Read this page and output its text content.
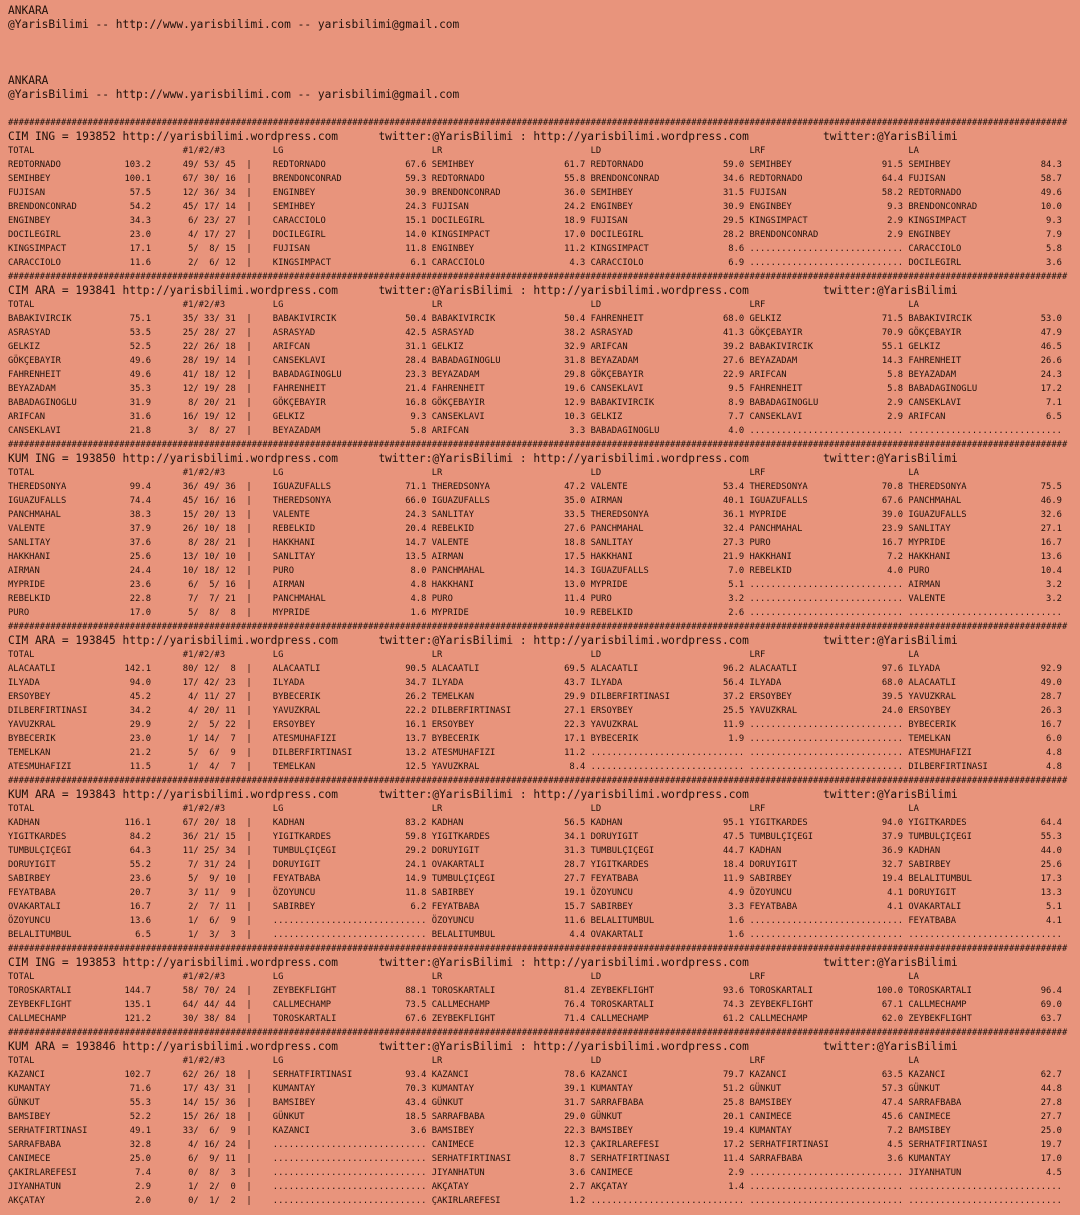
ANKARA
@YarisBilimi -- http://www.yarisbilimi.com -- yarisbilimi@gmail.com
ANKARA
@YarisBilimi -- http://www.yarisbilimi.com -- yarisbilimi@gmail.com
########################################################################################################################################################################################################
CIM ING = 193852 http://yarisbilimi.wordpress.com      twitter:@YarisBilimi : http://yarisbilimi.wordpress.com           twitter:@YarisBilimi
TOTAL                            #1/#2/#3         LG                            LR                            LD                            LRF                           LA
REDTORNADO            103.2      49/ 53/ 45  |    REDTORNADO               67.6 SEMIHBEY                 61.7 REDTORNADO               59.0 SEMIHBEY                 91.5 SEMIHBEY                 84.3
SEMIHBEY              100.1      67/ 30/ 16  |    BRENDONCONRAD            59.3 REDTORNADO               55.8 BRENDONCONRAD            34.6 REDTORNADO               64.4 FUJISAN                  58.7
FUJISAN                57.5      12/ 36/ 34  |    ENGINBEY                 30.9 BRENDONCONRAD            36.0 SEMIHBEY                 31.5 FUJISAN                  58.2 REDTORNADO               49.6
BRENDONCONRAD          54.2      45/ 17/ 14  |    SEMIHBEY                 24.3 FUJISAN                  24.2 ENGINBEY                 30.9 ENGINBEY                  9.3 BRENDONCONRAD            10.0
ENGINBEY               34.3       6/ 23/ 27  |    CARACCIOLO               15.1 DOCILEGIRL               18.9 FUJISAN                  29.5 KINGSIMPACT               2.9 KINGSIMPACT               9.3
DOCILEGIRL             23.0       4/ 17/ 27  |    DOCILEGIRL               14.0 KINGSIMPACT              17.0 DOCILEGIRL               28.2 BRENDONCONRAD             2.9 ENGINBEY                  7.9
KINGSIMPACT            17.1       5/  8/ 15  |    FUJISAN                  11.8 ENGINBEY                 11.2 KINGSIMPACT               8.6 ............................. CARACCIOLO                5.8
CARACCIOLO             11.6       2/  6/ 12  |    KINGSIMPACT               6.1 CARACCIOLO                4.3 CARACCIOLO                6.9 ............................. DOCILEGIRL                3.6
########################################################################################################################################################################################################
CIM ARA = 193841 http://yarisbilimi.wordpress.com      twitter:@YarisBilimi : http://yarisbilimi.wordpress.com           twitter:@YarisBilimi
TOTAL                            #1/#2/#3         LG                            LR                            LD                            LRF                           LA
BABAKIVIRCIK           75.1      35/ 33/ 31  |    BABAKIVIRCIK             50.4 BABAKIVIRCIK             50.4 FAHRENHEIT               68.0 GELKIZ                   71.5 BABAKIVIRCIK             53.0
ASRASYAD               53.5      25/ 28/ 27  |    ASRASYAD                 42.5 ASRASYAD                 38.2 ASRASYAD                 41.3 GÖKÇEBAYIR               70.9 GÖKÇEBAYIR               47.9
GELKIZ                 52.5      22/ 26/ 18  |    ARIFCAN                  31.1 GELKIZ                   32.9 ARIFCAN                  39.2 BABAKIVIRCIK             55.1 GELKIZ                   46.5
GÖKÇEBAYIR             49.6      28/ 19/ 14  |    CANSEKLAVI               28.4 BABADAGINOGLU            31.8 BEYAZADAM                27.6 BEYAZADAM                14.3 FAHRENHEIT               26.6
FAHRENHEIT             49.6      41/ 18/ 12  |    BABADAGINOGLU            23.3 BEYAZADAM                29.8 GÖKÇEBAYIR               22.9 ARIFCAN                   5.8 BEYAZADAM                24.3
BEYAZADAM              35.3      12/ 19/ 28  |    FAHRENHEIT               21.4 FAHRENHEIT               19.6 CANSEKLAVI                9.5 FAHRENHEIT                5.8 BABADAGINOGLU            17.2
BABADAGINOGLU          31.9       8/ 20/ 21  |    GÖKÇEBAYIR               16.8 GÖKÇEBAYIR               12.9 BABAKIVIRCIK              8.9 BABADAGINOGLU             2.9 CANSEKLAVI                7.1
ARIFCAN                31.6      16/ 19/ 12  |    GELKIZ                    9.3 CANSEKLAVI               10.3 GELKIZ                    7.7 CANSEKLAVI                2.9 ARIFCAN                   6.5
CANSEKLAVI             21.8       3/  8/ 27  |    BEYAZADAM                 5.8 ARIFCAN                   3.3 BABADAGINOGLU             4.0 ............................. .............................
########################################################################################################################################################################################################
KUM ING = 193850 http://yarisbilimi.wordpress.com      twitter:@YarisBilimi : http://yarisbilimi.wordpress.com           twitter:@YarisBilimi
TOTAL                            #1/#2/#3         LG                            LR                            LD                            LRF                           LA
THEREDSONYA            99.4      36/ 49/ 36  |    IGUAZUFALLS              71.1 THEREDSONYA              47.2 VALENTE                  53.4 THEREDSONYA              70.8 THEREDSONYA              75.5
IGUAZUFALLS            74.4      45/ 16/ 16  |    THEREDSONYA              66.0 IGUAZUFALLS              35.0 AIRMAN                   40.1 IGUAZUFALLS              67.6 PANCHMAHAL               46.9
PANCHMAHAL             38.3      15/ 20/ 13  |    VALENTE                  24.3 SANLITAY                 33.5 THEREDSONYA              36.1 MYPRIDE                  39.0 IGUAZUFALLS              32.6
VALENTE                37.9      26/ 10/ 18  |    REBELKID                 20.4 REBELKID                 27.6 PANCHMAHAL               32.4 PANCHMAHAL               23.9 SANLITAY                 27.1
SANLITAY               37.6       8/ 28/ 21  |    HAKKHANI                 14.7 VALENTE                  18.8 SANLITAY                 27.3 PURO                     16.7 MYPRIDE                  16.7
HAKKHANI               25.6      13/ 10/ 10  |    SANLITAY                 13.5 AIRMAN                   17.5 HAKKHANI                 21.9 HAKKHANI                  7.2 HAKKHANI                 13.6
AIRMAN                 24.4      10/ 18/ 12  |    PURO                      8.0 PANCHMAHAL               14.3 IGUAZUFALLS               7.0 REBELKID                  4.0 PURO                     10.4
MYPRIDE                23.6       6/  5/ 16  |    AIRMAN                    4.8 HAKKHANI                 13.0 MYPRIDE                   5.1 ............................. AIRMAN                    3.2
REBELKID               22.8       7/  7/ 21  |    PANCHMAHAL                4.8 PURO                     11.4 PURO                      3.2 ............................. VALENTE                   3.2
PURO                   17.0       5/  8/  8  |    MYPRIDE                   1.6 MYPRIDE                  10.9 REBELKID                  2.6 ............................. .............................
########################################################################################################################################################################################################
CIM ARA = 193845 http://yarisbilimi.wordpress.com      twitter:@YarisBilimi : http://yarisbilimi.wordpress.com           twitter:@YarisBilimi
TOTAL                            #1/#2/#3         LG                            LR                            LD                            LRF                           LA
ALACAATLI             142.1      80/ 12/  8  |    ALACAATLI                90.5 ALACAATLI                69.5 ALACAATLI                96.2 ALACAATLI                97.6 ILYADA                   92.9
ILYADA                 94.0      17/ 42/ 23  |    ILYADA                   34.7 ILYADA                   43.7 ILYADA                   56.4 ILYADA                   68.0 ALACAATLI                49.0
ERSOYBEY               45.2       4/ 11/ 27  |    BYBECERIK                26.2 TEMELKAN                 29.9 DILBERFIRTINASI          37.2 ERSOYBEY                 39.5 YAVUZKRAL                28.7
DILBERFIRTINASI        34.2       4/ 20/ 11  |    YAVUZKRAL                22.2 DILBERFIRTINASI          27.1 ERSOYBEY                 25.5 YAVUZKRAL                24.0 ERSOYBEY                 26.3
YAVUZKRAL              29.9       2/  5/ 22  |    ERSOYBEY                 16.1 ERSOYBEY                 22.3 YAVUZKRAL                11.9 ............................. BYBECERIK                16.7
BYBECERIK              23.0       1/ 14/  7  |    ATESMUHAFIZI             13.7 BYBECERIK                17.1 BYBECERIK                 1.9 ............................. TEMELKAN                  6.0
TEMELKAN               21.2       5/  6/  9  |    DILBERFIRTINASI          13.2 ATESMUHAFIZI             11.2 ............................. ............................. ATESMUHAFIZI              4.8
ATESMUHAFIZI           11.5       1/  4/  7  |    TEMELKAN                 12.5 YAVUZKRAL                 8.4 ............................. ............................. DILBERFIRTINASI           4.8
########################################################################################################################################################################################################
KUM ARA = 193843 http://yarisbilimi.wordpress.com      twitter:@YarisBilimi : http://yarisbilimi.wordpress.com           twitter:@YarisBilimi
TOTAL                            #1/#2/#3         LG                            LR                            LD                            LRF                           LA
KADHAN                116.1      67/ 20/ 18  |    KADHAN                   83.2 KADHAN                   56.5 KADHAN                   95.1 YIGITKARDES              94.0 YIGITKARDES              64.4
YIGITKARDES            84.2      36/ 21/ 15  |    YIGITKARDES              59.8 YIGITKARDES              34.1 DORUYIGIT                47.5 TUMBULÇIÇEGI             37.9 TUMBULÇIÇEGI             55.3
TUMBULÇIÇEGI           64.3      11/ 25/ 34  |    TUMBULÇIÇEGI             29.2 DORUYIGIT                31.3 TUMBULÇIÇEGI             44.7 KADHAN                   36.9 KADHAN                   44.0
DORUYIGIT              55.2       7/ 31/ 24  |    DORUYIGIT                24.1 OVAKARTALI               28.7 YIGITKARDES              18.4 DORUYIGIT                32.7 SABIRBEY                 25.6
SABIRBEY               23.6       5/  9/ 10  |    FEYATBABA                14.9 TUMBULÇIÇEGI             27.7 FEYATBABA                11.9 SABIRBEY                 19.4 BELALITUMBUL             17.3
FEYATBABA              20.7       3/ 11/  9  |    ÖZOYUNCU                 11.8 SABIRBEY                 19.1 ÖZOYUNCU                  4.9 ÖZOYUNCU                  4.1 DORUYIGIT                13.3
OVAKARTALI             16.7       2/  7/ 11  |    SABIRBEY                  6.2 FEYATBABA                15.7 SABIRBEY                  3.3 FEYATBABA                 4.1 OVAKARTALI                5.1
ÖZOYUNCU               13.6       1/  6/  9  |    ............................. ÖZOYUNCU                 11.6 BELALITUMBUL              1.6 ............................. FEYATBABA                 4.1
BELALITUMBUL            6.5       1/  3/  3  |    ............................. BELALITUMBUL              4.4 OVAKARTALI                1.6 ............................. .............................
########################################################################################################################################################################################################
CIM ING = 193853 http://yarisbilimi.wordpress.com      twitter:@YarisBilimi : http://yarisbilimi.wordpress.com           twitter:@YarisBilimi
TOTAL                            #1/#2/#3         LG                            LR                            LD                            LRF                           LA
TOROSKARTALI          144.7      58/ 70/ 24  |    ZEYBEKFLIGHT             88.1 TOROSKARTALI             81.4 ZEYBEKFLIGHT             93.6 TOROSKARTALI            100.0 TOROSKARTALI             96.4
ZEYBEKFLIGHT          135.1      64/ 44/ 44  |    CALLMECHAMP              73.5 CALLMECHAMP              76.4 TOROSKARTALI             74.3 ZEYBEKFLIGHT             67.1 CALLMECHAMP              69.0
CALLMECHAMP           121.2      30/ 38/ 84  |    TOROSKARTALI             67.6 ZEYBEKFLIGHT             71.4 CALLMECHAMP              61.2 CALLMECHAMP              62.0 ZEYBEKFLIGHT             63.7
########################################################################################################################################################################################################
KUM ARA = 193846 http://yarisbilimi.wordpress.com      twitter:@YarisBilimi : http://yarisbilimi.wordpress.com           twitter:@YarisBilimi
TOTAL                            #1/#2/#3         LG                            LR                            LD                            LRF                           LA
KAZANCI               102.7      62/ 26/ 18  |    SERHATFIRTINASI          93.4 KAZANCI                  78.6 KAZANCI                  79.7 KAZANCI                  63.5 KAZANCI                  62.7
KUMANTAY               71.6      17/ 43/ 31  |    KUMANTAY                 70.3 KUMANTAY                 39.1 KUMANTAY                 51.2 GÜNKUT                   57.3 GÜNKUT                   44.8
GÜNKUT                 55.3      14/ 15/ 36  |    BAMSIBEY                 43.4 GÜNKUT                   31.7 SARRAFBABA               25.8 BAMSIBEY                 47.4 SARRAFBABA               27.8
BAMSIBEY               52.2      15/ 26/ 18  |    GÜNKUT                   18.5 SARRAFBABA               29.0 GÜNKUT                   20.1 CANIMECE                 45.6 CANIMECE                 27.7
SERHATFIRTINASI        49.1      33/  6/  9  |    KAZANCI                   3.6 BAMSIBEY                 22.3 BAMSIBEY                 19.4 KUMANTAY                  7.2 BAMSIBEY                 25.0
SARRAFBABA             32.8       4/ 16/ 24  |    ............................. CANIMECE                 12.3 ÇAKIRLAREFESI            17.2 SERHATFIRTINASI           4.5 SERHATFIRTINASI          19.7
CANIMECE               25.0       6/  9/ 11  |    ............................. SERHATFIRTINASI           8.7 SERHATFIRTINASI          11.4 SARRAFBABA                3.6 KUMANTAY                 17.0
ÇAKIRLAREFESI           7.4       0/  8/  3  |    ............................. JIYANHATUN                3.6 CANIMECE                  2.9 ............................. JIYANHATUN                4.5
JIYANHATUN              2.9       1/  2/  0  |    ............................. AKÇATAY                   2.7 AKÇATAY                   1.4 ............................. .............................
AKÇATAY                 2.0       0/  1/  2  |    ............................. ÇAKIRLAREFESI             1.2 ............................. ............................. .............................
